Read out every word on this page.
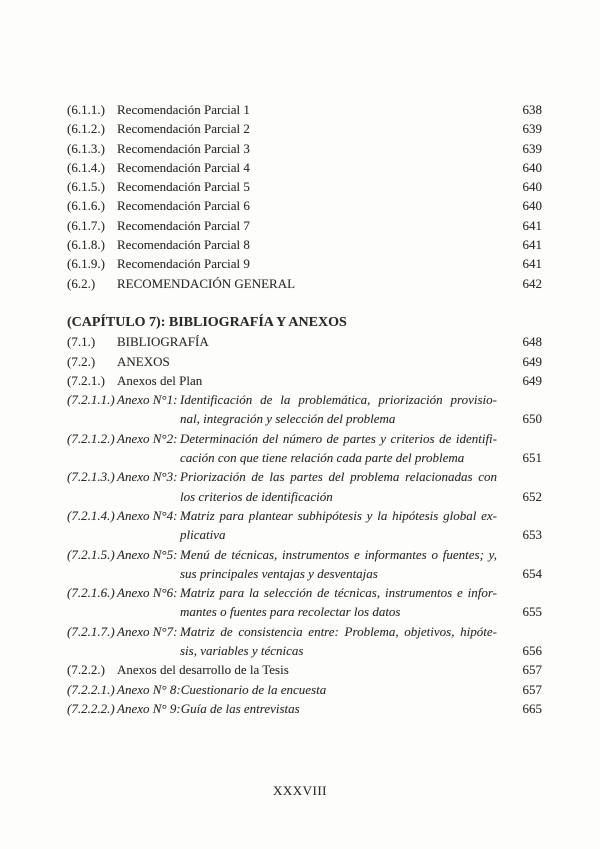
(6.1.1.) Recomendación Parcial 1	638
(6.1.2.) Recomendación Parcial 2	639
(6.1.3.) Recomendación Parcial 3	639
(6.1.4.) Recomendación Parcial 4	640
(6.1.5.) Recomendación Parcial 5	640
(6.1.6.) Recomendación Parcial 6	640
(6.1.7.) Recomendación Parcial 7	641
(6.1.8.) Recomendación Parcial 8	641
(6.1.9.) Recomendación Parcial 9	641
(6.2.)	RECOMENDACIÓN GENERAL	642
(CAPÍTULO 7): BIBLIOGRAFÍA Y ANEXOS
(7.1.)	BIBLIOGRAFÍA	648
(7.2.)	ANEXOS	649
(7.2.1.) Anexos del Plan	649
(7.2.1.1.) Anexo N°1: Identificación de la problemática, priorización provisio-
nal, integración y selección del problema	650
(7.2.1.2.) Anexo N°2: Determinación del número de partes y criterios de identifi-
cación con que tiene relación cada parte del problema	651
(7.2.1.3.) Anexo N°3: Priorización de las partes del problema relacionadas con
los criterios de identificación	652
(7.2.1.4.) Anexo N°4: Matriz para plantear subhipótesis y la hipótesis global ex-
plicativa	653
(7.2.1.5.) Anexo N°5: Menú de técnicas, instrumentos e informantes o fuentes; y,
sus principales ventajas y desventajas	654
(7.2.1.6.) Anexo N°6: Matriz para la selección de técnicas, instrumentos e infor-
mantes o fuentes para recolectar los datos	655
(7.2.1.7.) Anexo N°7: Matriz de consistencia entre: Problema, objetivos, hipóte-
sis, variables y técnicas	656
(7.2.2.) Anexos del desarrollo de la Tesis	657
(7.2.2.1.) Anexo N° 8: Cuestionario de la encuesta	657
(7.2.2.2.) Anexo N° 9: Guía de las entrevistas	665
XXXVIII
